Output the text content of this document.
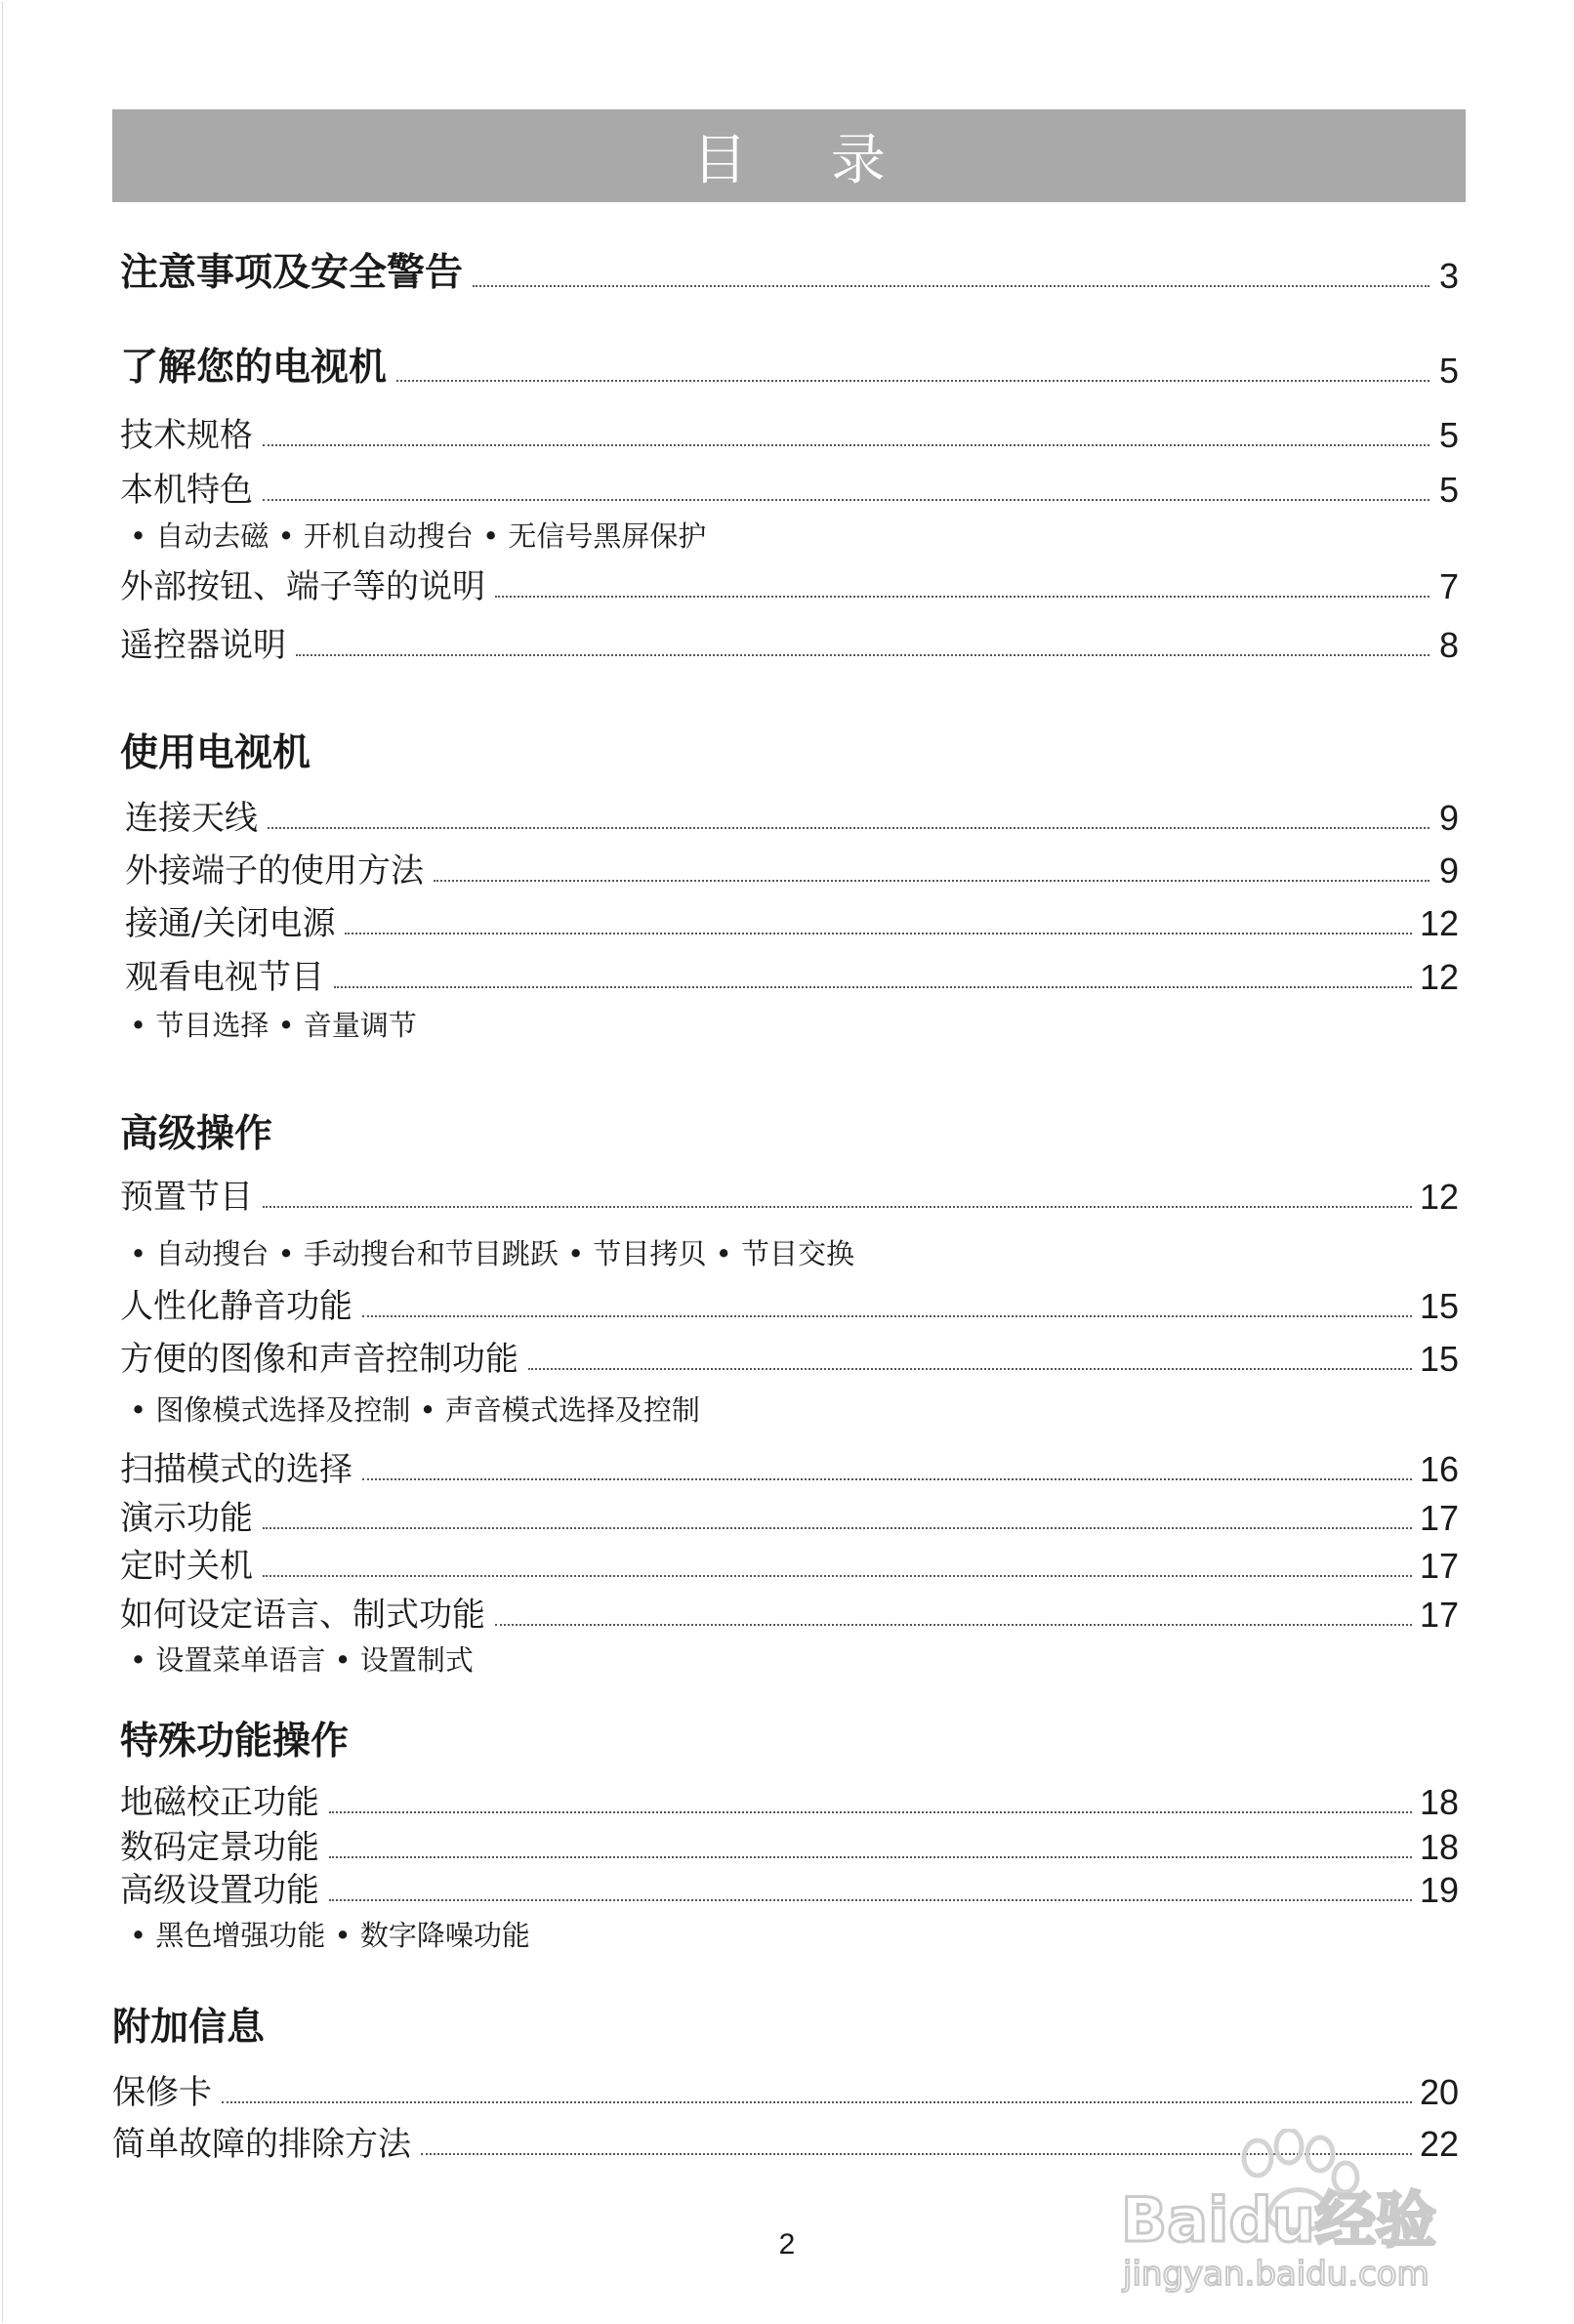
目 录
注意事项及安全警告	3
了解您的电视机	5
技术规格	5
本机特色	5
• 自动去磁 • 开机自动搜台 • 无信号黑屏保护
外部按钮、端子等的说明	7
遥控器说明	8
使用电视机
连接天线	9
外接端子的使用方法	9
接通/关闭电源	12
观看电视节目	12
• 节目选择 • 音量调节
高级操作
预置节目	12
• 自动搜台 • 手动搜台和节目跳跃 • 节目拷贝 • 节目交换
人性化静音功能	15
方便的图像和声音控制功能	15
• 图像模式选择及控制 • 声音模式选择及控制
扫描模式的选择	16
演示功能	17
定时关机	17
如何设定语言、制式功能	17
• 设置菜单语言 • 设置制式
特殊功能操作
地磁校正功能	18
数码定景功能	18
高级设置功能	19
• 黑色增强功能 • 数字降噪功能
附加信息
保修卡	20
简单故障的排除方法	22
2	Baidu经验
jingyan.baidu.com
